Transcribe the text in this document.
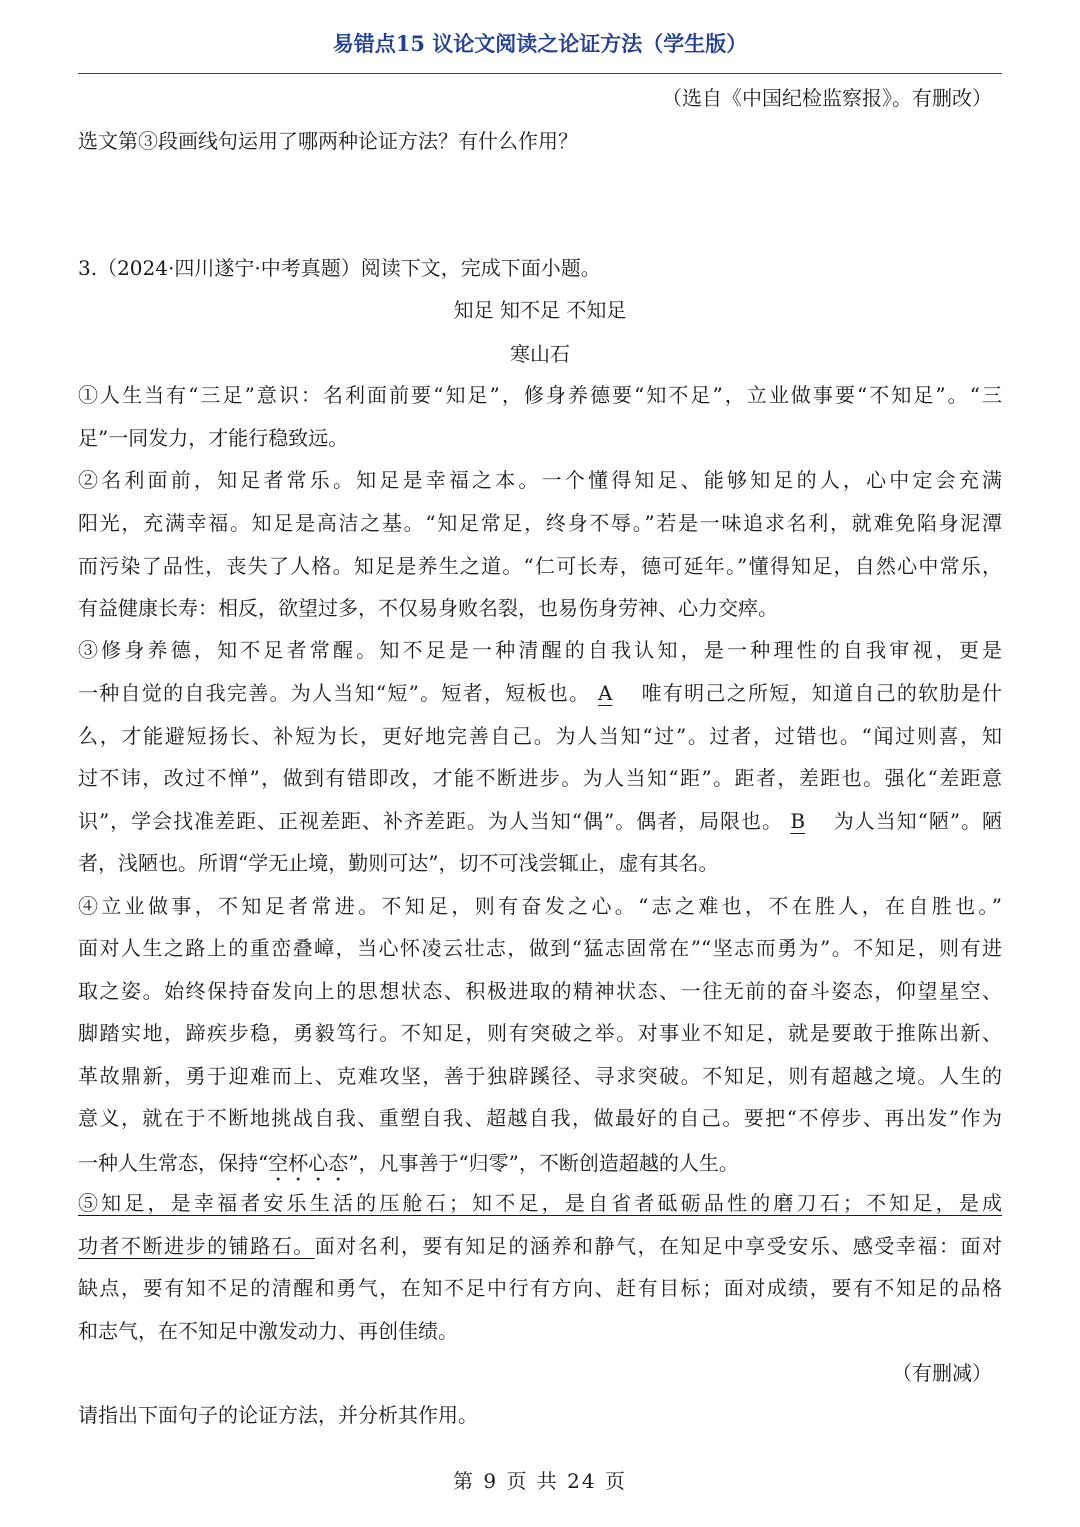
易错点15 议论文阅读之论证方法（学生版）
（选自《中国纪检监察报》。有删改）
选文第③段画线句运用了哪两种论证方法？有什么作用？
3.（2024·四川遂宁·中考真题）阅读下文，完成下面小题。
知足 知不足 不知足
寒山石
①人生当有“三足”意识：名利面前要“知足”，修身养德要“知不足”，立业做事要“不知足”。“三
足”一同发力，才能行稳致远。
②名利面前，知足者常乐。知足是幸福之本。一个懂得知足、能够知足的人，心中定会充满
阳光，充满幸福。知足是高洁之基。“知足常足，终身不辱。”若是一味追求名利，就难免陷身泥潭
而污染了品性，丧失了人格。知足是养生之道。“仁可长寿，德可延年。”懂得知足，自然心中常乐，
有益健康长寿：相反，欲望过多，不仅易身败名裂，也易伤身劳神、心力交瘁。
③修身养德，知不足者常醒。知不足是一种清醒的自我认知，是一种理性的自我审视，更是
一种自觉的自我完善。为人当知“短”。短者，短板也。 A 唯有明己之所短，知道自己的软肋是什
么，才能避短扬长、补短为长，更好地完善自己。为人当知“过”。过者，过错也。“闻过则喜，知
过不讳，改过不惮”，做到有错即改，才能不断进步。为人当知“距”。距者，差距也。强化“差距意
识”，学会找准差距、正视差距、补齐差距。为人当知“偶”。偶者，局限也。 B 为人当知“陋”。陋
者，浅陋也。所谓“学无止境，勤则可达”，切不可浅尝辄止，虚有其名。
④立业做事，不知足者常进。不知足，则有奋发之心。“志之难也，不在胜人，在自胜也。”
面对人生之路上的重峦叠嶂，当心怀凌云壮志，做到“猛志固常在”“坚志而勇为”。不知足，则有进
取之姿。始终保持奋发向上的思想状态、积极进取的精神状态、一往无前的奋斗姿态，仰望星空、
脚踏实地，蹄疾步稳，勇毅笃行。不知足，则有突破之举。对事业不知足，就是要敢于推陈出新、
革故鼎新，勇于迎难而上、克难攻坚，善于独辟蹊径、寻求突破。不知足，则有超越之境。人生的
意义，就在于不断地挑战自我、重塑自我、超越自我，做最好的自己。要把“不停步、再出发”作为
一种人生常态，保持“空杯心态”，凡事善于“归零”，不断创造超越的人生。
⑤知足，是幸福者安乐生活的压舱石；知不足，是自省者砥砺品性的磨刀石；不知足，是成
功者不断进步的铺路石。面对名利，要有知足的涵养和静气，在知足中享受安乐、感受幸福：面对
缺点，要有知不足的清醒和勇气，在知不足中行有方向、赶有目标；面对成绩，要有不知足的品格
和志气，在不知足中激发动力、再创佳绩。
（有删减）
请指出下面句子的论证方法，并分析其作用。
第 9 页 共 24 页
